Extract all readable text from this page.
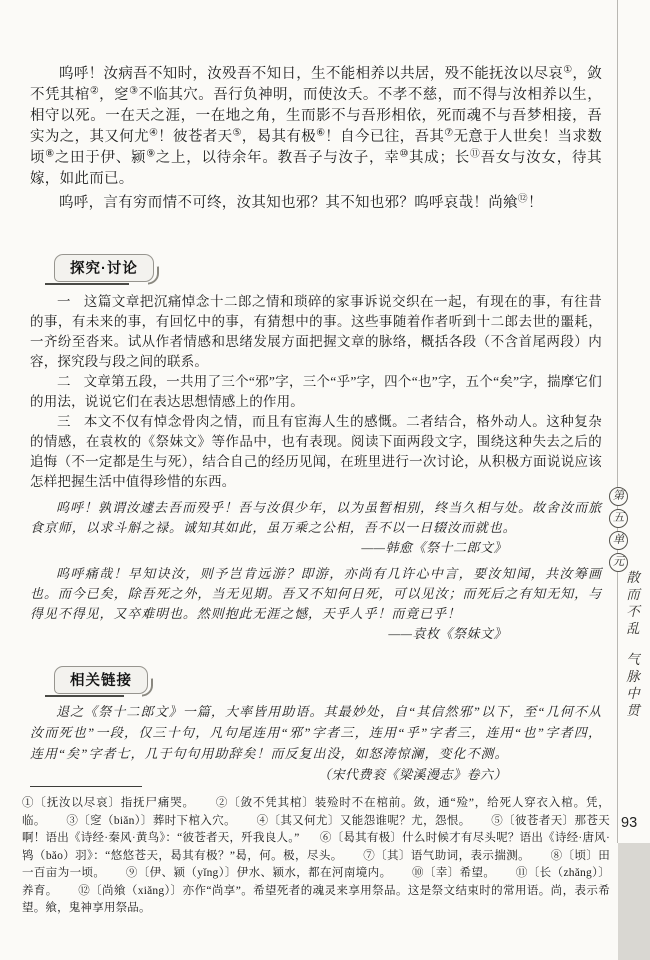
呜呼！汝病吾不知时，汝殁吾不知日，生不能相养以共居，殁不能抚汝以尽哀①，敛不凭其棺②，窆③不临其穴。吾行负神明，而使汝夭。不孝不慈，而不得与汝相养以生，相守以死。一在天之涯，一在地之角，生而影不与吾形相依，死而魂不与吾梦相接，吾实为之，其又何尤④！彼苍者天⑤，曷其有极⑥！自今已往，吾其⑦无意于人世矣！当求数顷⑧之田于伊、颍⑨之上，以待余年。教吾子与汝子，幸⑩其成；长⑪吾女与汝女，待其嫁，如此而已。

呜呼，言有穷而情不可终，汝其知也邪？其不知也邪？呜呼哀哉！尚飨⑫！

探究·讨论

一 这篇文章把沉痛悼念十二郎之情和琐碎的家事诉说交织在一起，有现在的事，有往昔的事，有未来的事，有回忆中的事，有猜想中的事。这些事随着作者听到十二郎去世的噩耗，一齐纷至沓来。试从作者情感和思绪发展方面把握文章的脉络，概括各段（不含首尾两段）内容，探究段与段之间的联系。

二 文章第五段，一共用了三个“邪”字，三个“乎”字，四个“也”字，五个“矣”字，揣摩它们的用法，说说它们在表达思想情感上的作用。

三 本文不仅有悼念骨肉之情，而且有宦海人生的感慨。二者结合，格外动人。这种复杂的情感，在袁枚的《祭妹文》等作品中，也有表现。阅读下面两段文字，围绕这种失去之后的追悔（不一定都是生与死），结合自己的经历见闻，在班里进行一次讨论，从积极方面说说应该怎样把握生活中值得珍惜的东西。

呜呼！孰谓汝遽去吾而殁乎！吾与汝俱少年，以为虽暂相别，终当久相与处。故舍汝而旅食京师，以求斗斛之禄。诚知其如此，虽万乘之公相，吾不以一日辍汝而就也。

——韩愈《祭十二郎文》

呜呼痛哉！早知诀汝，则予岂肯远游？即游，亦尚有几许心中言，要汝知闻，共汝筹画也。而今已矣，除吾死之外，当无见期。吾又不知何日死，可以见汝；而死后之有知无知，与得见不得见，又卒难明也。然则抱此无涯之憾，天乎人乎！而竟已乎！

——袁枚《祭妹文》

相关链接

退之《祭十二郎文》一篇，大率皆用助语。其最妙处，自“其信然邪”以下，至“几何不从汝而死也”一段，仅三十句，凡句尾连用“邪”字者三，连用“乎”字者三，连用“也”字者四，连用“矣”字者七，几于句句用助辞矣！而反复出没，如怒涛惊澜，变化不测。

（宋代费衮《梁溪漫志》卷六）

①〔抚汝以尽哀〕指抚尸痛哭。 ②〔敛不凭其棺〕装殓时不在棺前。敛，通“殓”，给死人穿衣入棺。凭，临。 ③〔窆（biǎn）〕葬时下棺入穴。 ④〔其又何尤〕又能怨谁呢？尤，怨恨。 ⑤〔彼苍者天〕那苍天啊！语出《诗经·秦风·黄鸟》：“彼苍者天，歼我良人。” ⑥〔曷其有极〕什么时候才有尽头呢？语出《诗经·唐风·鸨（bǎo）羽》：“悠悠苍天，曷其有极？”曷，何。极，尽头。 ⑦〔其〕语气助词，表示揣测。 ⑧〔顷〕田一百亩为一顷。 ⑨〔伊、颍（yǐng）〕伊水、颍水，都在河南境内。 ⑩〔幸〕希望。 ⑪〔长（zhǎng）〕养育。 ⑫〔尚飨（xiǎng）〕亦作“尚享”。希望死者的魂灵来享用祭品。这是祭文结束时的常用语。尚，表示希望。飨，鬼神享用祭品。

第
五
单
元
散而不乱气脉中贯
93
